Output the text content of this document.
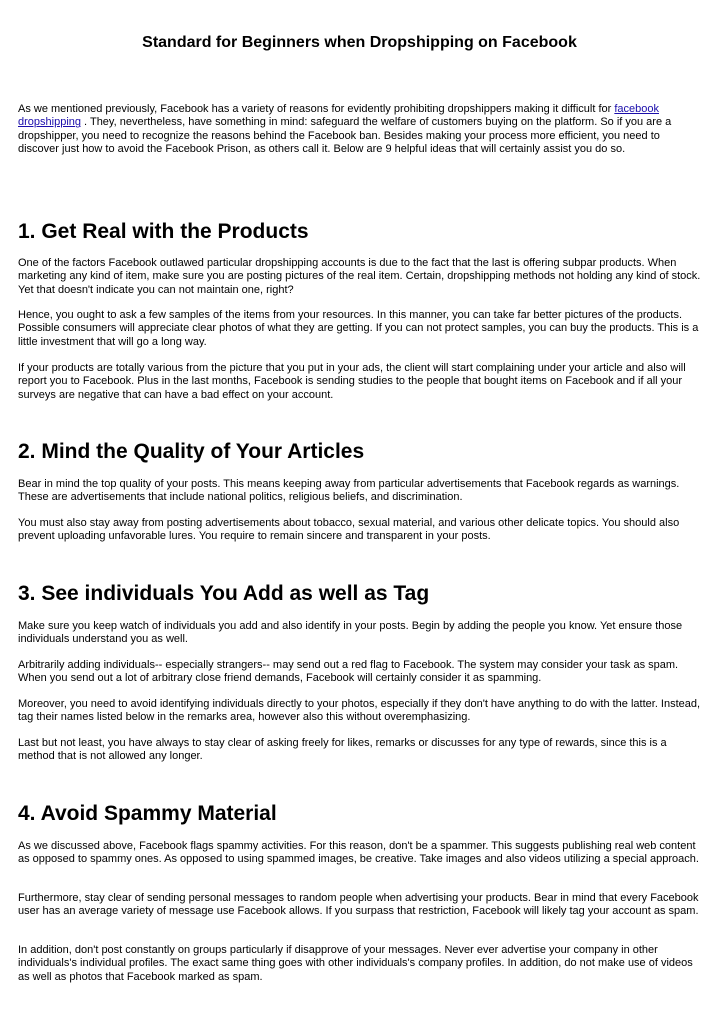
Standard for Beginners when Dropshipping on Facebook

As we mentioned previously, Facebook has a variety of reasons for evidently prohibiting dropshippers making it difficult for facebook dropshipping . They, nevertheless, have something in mind: safeguard the welfare of customers buying on the platform. So if you are a dropshipper, you need to recognize the reasons behind the Facebook ban. Besides making your process more efficient, you need to discover just how to avoid the Facebook Prison, as others call it. Below are 9 helpful ideas that will certainly assist you do so.

1. Get Real with the Products

One of the factors Facebook outlawed particular dropshipping accounts is due to the fact that the last is offering subpar products. When marketing any kind of item, make sure you are posting pictures of the real item. Certain, dropshipping methods not holding any kind of stock. Yet that doesn't indicate you can not maintain one, right?

Hence, you ought to ask a few samples of the items from your resources. In this manner, you can take far better pictures of the products. Possible consumers will appreciate clear photos of what they are getting. If you can not protect samples, you can buy the products. This is a little investment that will go a long way.

If your products are totally various from the picture that you put in your ads, the client will start complaining under your article and also will report you to Facebook. Plus in the last months, Facebook is sending studies to the people that bought items on Facebook and if all your surveys are negative that can have a bad effect on your account.

2. Mind the Quality of Your Articles

Bear in mind the top quality of your posts. This means keeping away from particular advertisements that Facebook regards as warnings. These are advertisements that include national politics, religious beliefs, and discrimination.

You must also stay away from posting advertisements about tobacco, sexual material, and various other delicate topics. You should also prevent uploading unfavorable lures. You require to remain sincere and transparent in your posts.

3. See individuals You Add as well as Tag

Make sure you keep watch of individuals you add and also identify in your posts. Begin by adding the people you know. Yet ensure those individuals understand you as well.

Arbitrarily adding individuals-- especially strangers-- may send out a red flag to Facebook. The system may consider your task as spam. When you send out a lot of arbitrary close friend demands, Facebook will certainly consider it as spamming.

Moreover, you need to avoid identifying individuals directly to your photos, especially if they don't have anything to do with the latter. Instead, tag their names listed below in the remarks area, however also this without overemphasizing.

Last but not least, you have always to stay clear of asking freely for likes, remarks or discusses for any type of rewards, since this is a method that is not allowed any longer.

4. Avoid Spammy Material

As we discussed above, Facebook flags spammy activities. For this reason, don't be a spammer. This suggests publishing real web content as opposed to spammy ones. As opposed to using spammed images, be creative. Take images and also videos utilizing a special approach.

Furthermore, stay clear of sending personal messages to random people when advertising your products. Bear in mind that every Facebook user has an average variety of message use Facebook allows. If you surpass that restriction, Facebook will likely tag your account as spam.

In addition, don't post constantly on groups particularly if disapprove of your messages. Never ever advertise your company in other individuals's individual profiles. The exact same thing goes with other individuals's company profiles. In addition, do not make use of videos as well as photos that Facebook marked as spam.
